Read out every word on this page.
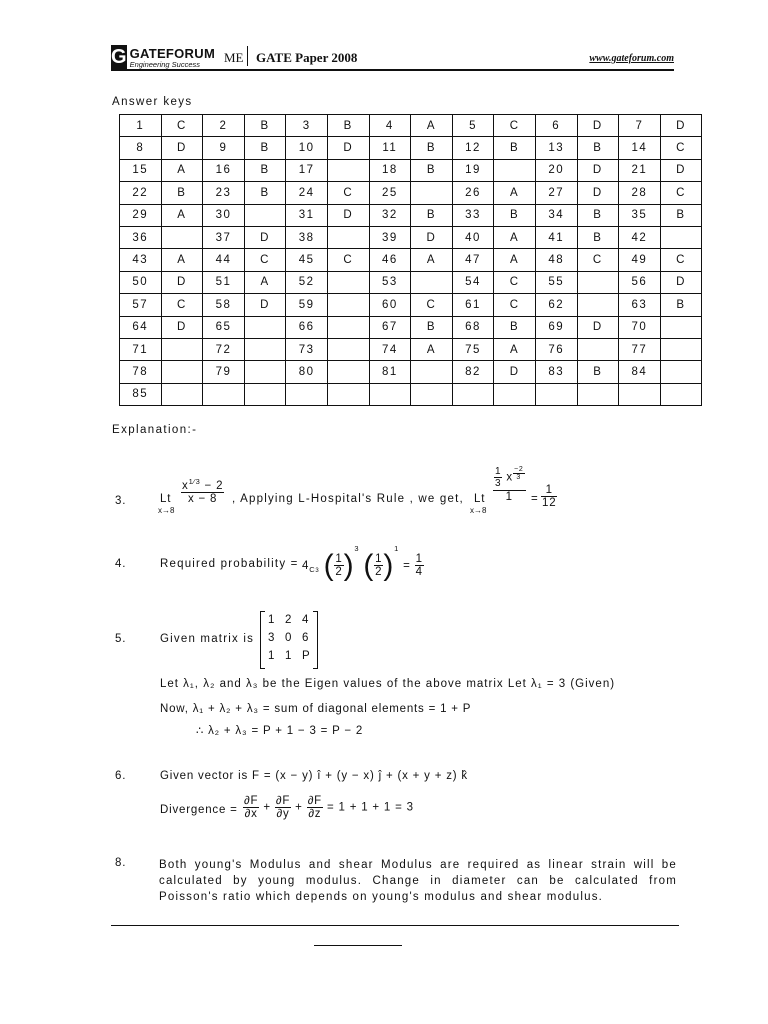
G GATEFORUM
Engineering Success	ME GATE Paper 2008	www.gateforum.com
Answer keys
1	C	2	B	3	B	4	A	5	C	6	D	7	D
8	D	9	B	10	D	11	B	12	B	13	B	14	C
15	A	16	B	17		18	B	19		20	D	21	D
22	B	23	B	24	C	25		26	A	27	D	28	C
29	A	30		31	D	32	B	33	B	34	B	35	B
36		37	D	38		39	D	40	A	41	B	42	
43	A	44	C	45	C	46	A	47	A	48	C	49	C
50	D	51	A	52		53		54	C	55		56	D
57	C	58	D	59		60	C	61	C	62		63	B
64	D	65		66		67	B	68	B	69	D	70	
71		72		73		74	A	75	A	76		77	
78		79		80		81		82	D	83	B	84	
85													
Explanation:-
3.	Lt
x→8
$\frac{x^{1⁄3} - 2}{x - 8}$ , Applying L-Hospital's Rule , we get, Lt
x→8
$\frac{\frac{1}{3} x \frac{-2}{3}}{1} = \frac{1}{12}$
4.	Required probability = $4_{C3}$ ( $\frac{1}{2} )^3$ ( $\frac{1}{2} )^1 = \frac{1}{4}$
5.	Given matrix is
1 2 4
3 0 6
1 1 P
Let λ₁, λ₂ and λ₃ be the Eigen values of the above matrix Let λ₁ = 3 (Given)
Now, λ₁ + λ₂ + λ₃ = sum of diagonal elements = 1 + P
∴ λ₂ + λ₃ = P + 1 − 3 = P − 2
6.	Given vector is F = (x − y) î + (y − x) ĵ + (x + y + z) k̂
Divergence = $\frac{\partial F}{\partial x} + \frac{\partial F}{\partial y} + \frac{\partial F}{\partial z} = 1 + 1 + 1 = 3$
8.	Both young's Modulus and shear Modulus are required as linear strain will be calculated by young modulus. Change in diameter can be calculated from Poisson's ratio which depends on young's modulus and shear modulus.
